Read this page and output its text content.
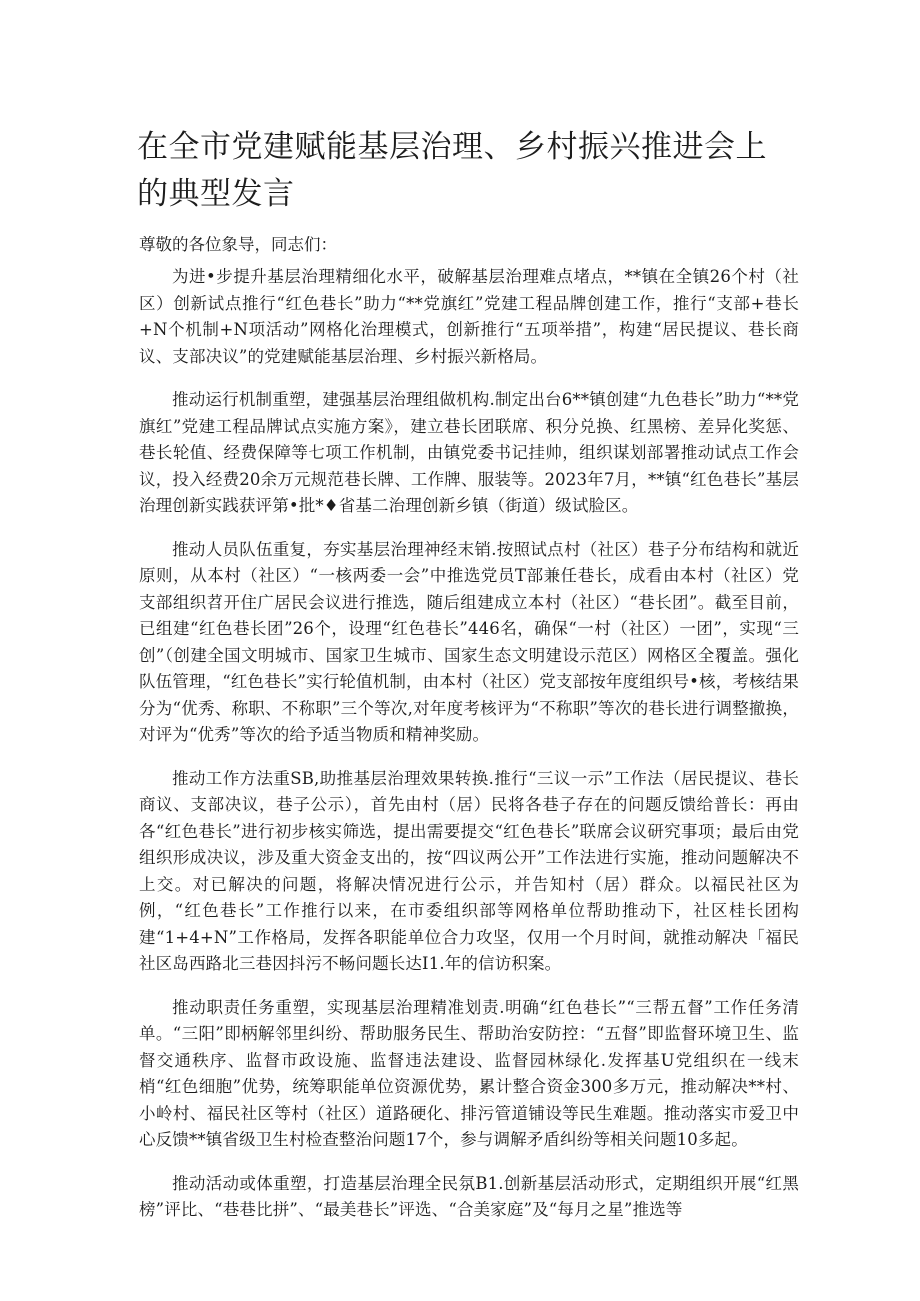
在全市党建赋能基层治理、乡村振兴推进会上的典型发言

尊敬的各位象导，同志们：

为进•步提升基层治理精细化水平，破解基层治理难点堵点，**镇在全镇26个村（社区）创新试点推行“红色巷长”助力“**党旗红”党建工程品牌创建工作，推行“支部+巷长+N个机制+N项活动”网格化治理模式，创新推行“五项举措”，构建“居民提议、巷长商议、支部决议”的党建赋能基层治理、乡村振兴新格局。

推动运行机制重塑，建强基层治理组做机构.制定出台6**镇创建“九色巷长”助力“**党旗红”党建工程品牌试点实施方案》，建立巷长团联席、积分兑换、红黑榜、差异化奖惩、巷长轮值、经费保障等七项工作机制，由镇党委书记挂帅，组织谋划部署推动试点工作会议，投入经费20余万元规范巷长牌、工作牌、服装等。2023年7月，**镇“红色巷长”基层治理创新实践获评第•批*♦省基二治理创新乡镇（街道）级试脸区。

推动人员队伍重复，夯实基层治理神经末销.按照试点村（社区）巷子分布结构和就近原则，从本村（社区）“一核两委一会”中推选党员T部兼任巷长，成看由本村（社区）党支部组织苕开住广居民会议进行推选，随后组建成立本村（社区）“巷长团”。截至目前，已组建“红色巷长团”26个，设理“红色巷长”446名，确保“一村（社区）一团”，实现“三创”（创建全国文明城市、国家卫生城市、国家生态文明建设示范区）网格区全覆盖。强化队伍管理，“红色巷长”实行轮值机制，由本村（社区）党支部按年度组织号•核，考核结果分为“优秀、称职、不称职”三个等次,对年度考核评为“不称职”等次的巷长进行调整撤换，对评为“优秀”等次的给予适当物质和精神奖励。

推动工作方法重SB,助推基层治理效果转换.推行“三议一示”工作法（居民提议、巷长商议、支部决议，巷子公示），首先由村（居）民将各巷子存在的问题反馈给普长：再由各“红色巷长”进行初步核实筛选，提出需要提交“红色巷长”联席会议研究事项；最后由党组织形成决议，涉及重大资金支出的，按“四议两公开”工作法进行实施，推动问题解决不上交。对已解决的问题，将解决情况进行公示，并告知村（居）群众。以福民社区为例，“红色巷长”工作推行以来，在市委组织部等网格单位帮助推动下，社区桂长团构建“1+4+N”工作格局，发挥各职能单位合力攻坚，仅用一个月时间，就推动解决「福民社区岛西路北三巷因抖污不畅问题长达I1.年的信访积案。

推动职责任务重塑，实现基层治理精准划责.明确“红色巷长”“三帮五督”工作任务清单。“三阳”即柄解邻里纠纷、帮助服务民生、帮助治安防控：“五督”即监督环境卫生、监督交通秩序、监督市政设施、监督违法建设、监督园林绿化.发挥基U党组织在一线末梢“红色细胞”优势，统筹职能单位资源优势，累计整合资金300多万元，推动解决**村、小岭村、福民社区等村（社区）道路硬化、排污管道铺设等民生难题。推动落实市爱卫中心反馈**镇省级卫生村检查整治问题17个，参与调解矛盾纠纷等相关问题10多起。

推动活动或体重塑，打造基层治理全民氛B1.创新基层活动形式，定期组织开展“红黑榜”评比、“巷巷比拼”、“最美巷长”评选、“合美家庭”及“每月之星”推选等
